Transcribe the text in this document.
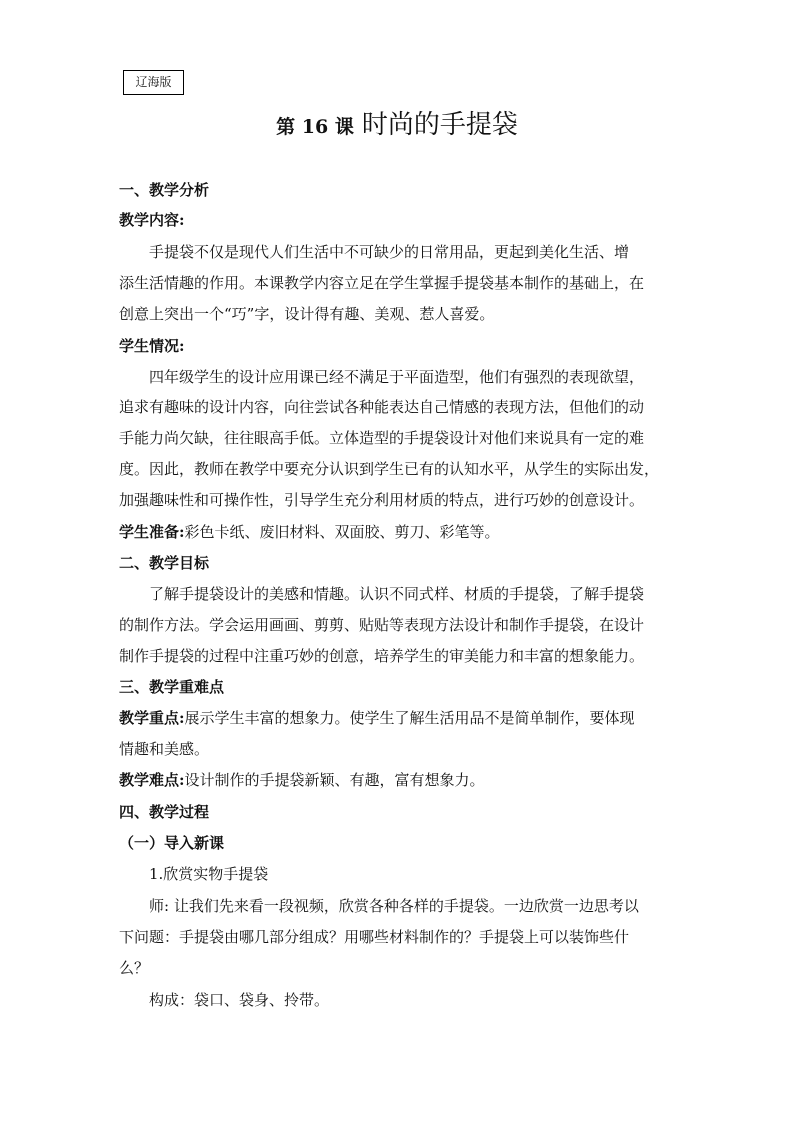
辽海版
第 16 课 时尚的手提袋
一、教学分析
教学内容:
手提袋不仅是现代人们生活中不可缺少的日常用品，更起到美化生活、增
添生活情趣的作用。本课教学内容立足在学生掌握手提袋基本制作的基础上，在
创意上突出一个“巧”字，设计得有趣、美观、惹人喜爱。
学生情况:
四年级学生的设计应用课已经不满足于平面造型，他们有强烈的表现欲望，
追求有趣味的设计内容，向往尝试各种能表达自己情感的表现方法，但他们的动
手能力尚欠缺，往往眼高手低。立体造型的手提袋设计对他们来说具有一定的难
度。因此，教师在教学中要充分认识到学生已有的认知水平，从学生的实际出发，
加强趣味性和可操作性，引导学生充分利用材质的特点，进行巧妙的创意设计。
学生准备:彩色卡纸、废旧材料、双面胶、剪刀、彩笔等。
二、教学目标
了解手提袋设计的美感和情趣。认识不同式样、材质的手提袋，了解手提袋
的制作方法。学会运用画画、剪剪、贴贴等表现方法设计和制作手提袋，在设计
制作手提袋的过程中注重巧妙的创意，培养学生的审美能力和丰富的想象能力。
三、教学重难点
教学重点:展示学生丰富的想象力。使学生了解生活用品不是简单制作，要体现
情趣和美感。
教学难点:设计制作的手提袋新颖、有趣，富有想象力。
四、教学过程
（一）导入新课
1.欣赏实物手提袋
师: 让我们先来看一段视频，欣赏各种各样的手提袋。一边欣赏一边思考以
下问题：手提袋由哪几部分组成？用哪些材料制作的？手提袋上可以装饰些什
么？
构成：袋口、袋身、拎带。
